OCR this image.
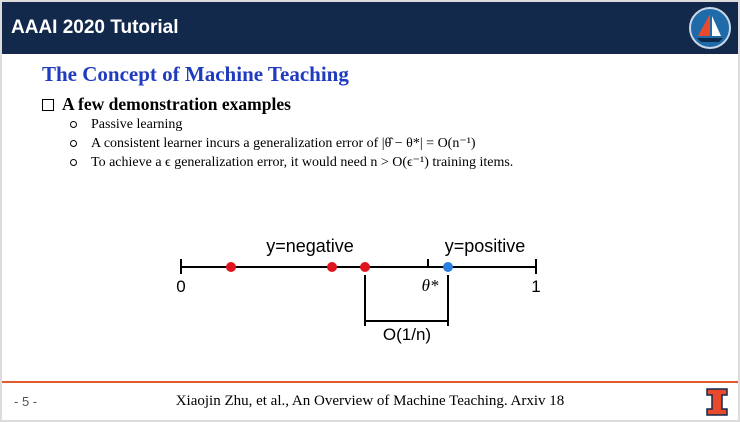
AAAI 2020 Tutorial
The Concept of Machine Teaching
A few demonstration examples
Passive learning
A consistent learner incurs a generalization error of |θ̂ − θ*| = O(n⁻¹)
To achieve a ϵ generalization error, it would need n > O(ϵ⁻¹) training items.
y=negative	y=positive
0	1
θ*
O(1/n)
- 5 -	Xiaojin Zhu, et al., An Overview of Machine Teaching. Arxiv 18
